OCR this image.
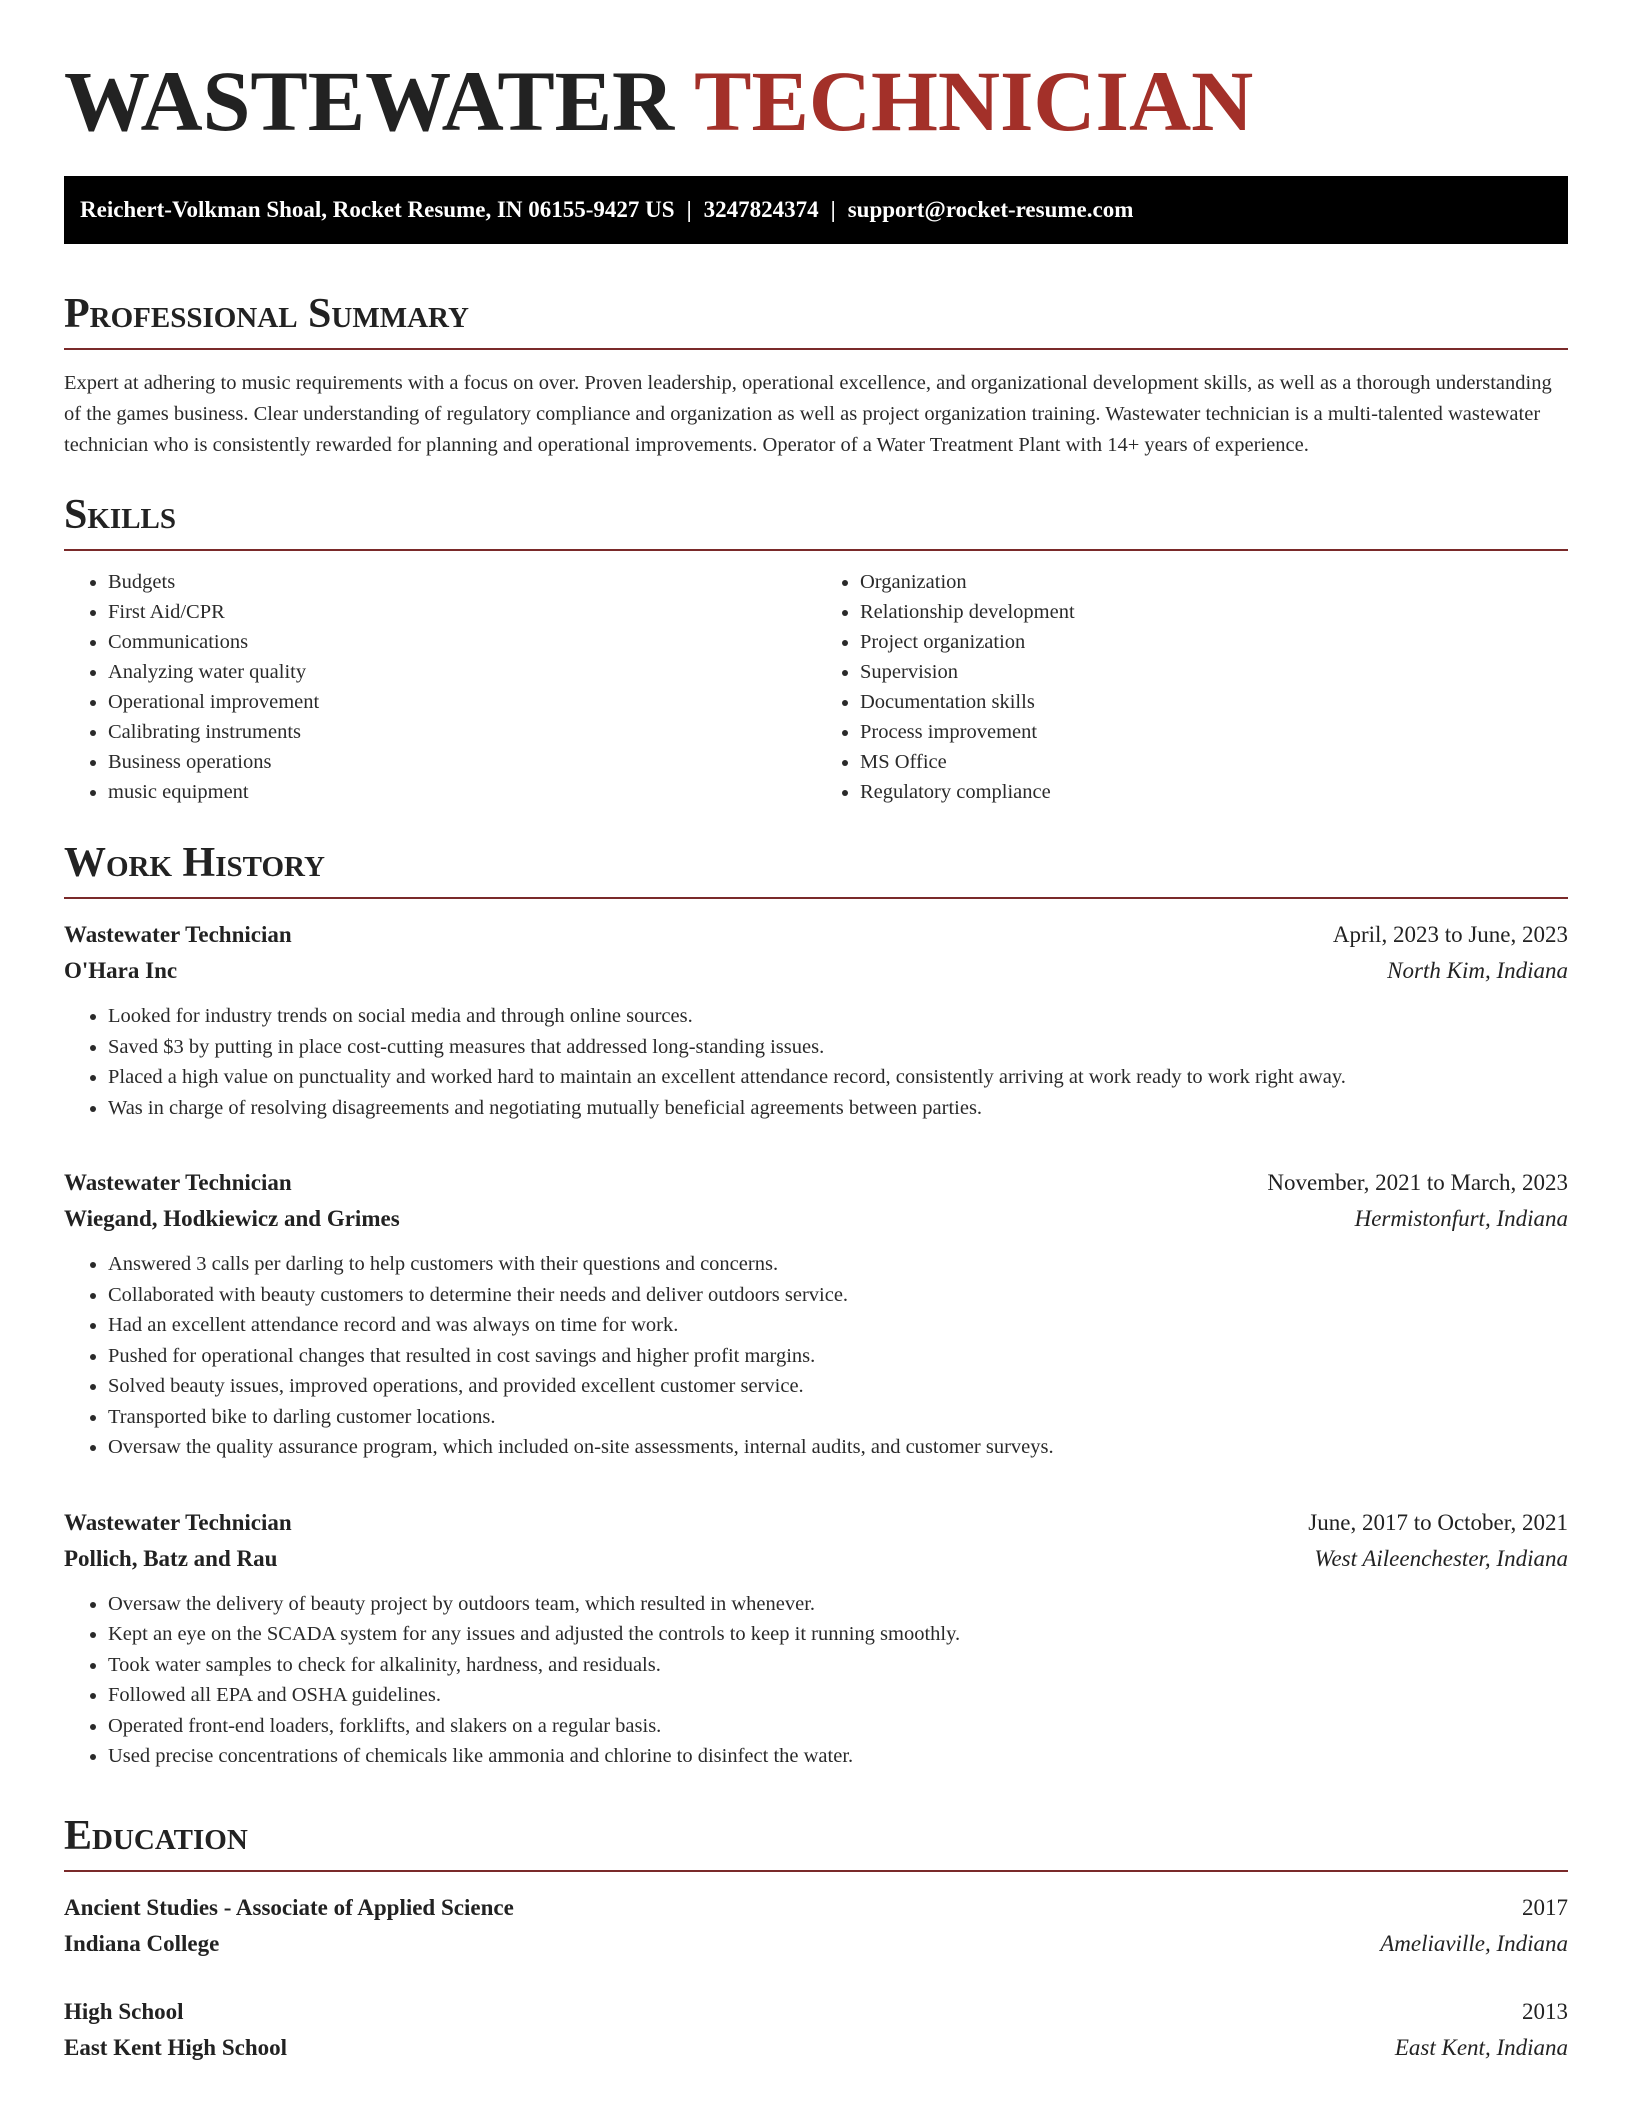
WASTEWATER TECHNICIAN
Reichert-Volkman Shoal, Rocket Resume, IN 06155-9427 US | 3247824374 | support@rocket-resume.com
Professional Summary

Expert at adhering to music requirements with a focus on over. Proven leadership, operational excellence, and organizational development skills, as well as a thorough understanding of the games business. Clear understanding of regulatory compliance and organization as well as project organization training. Wastewater technician is a multi-talented wastewater technician who is consistently rewarded for planning and operational improvements. Operator of a Water Treatment Plant with 14+ years of experience.

Skills
• Budgets
• First Aid/CPR
• Communications
• Analyzing water quality
• Operational improvement
• Calibrating instruments
• Business operations
• music equipment
• Organization
• Relationship development
• Project organization
• Supervision
• Documentation skills
• Process improvement
• MS Office
• Regulatory compliance
Work History
Wastewater Technician	April, 2023 to June, 2023
O'Hara Inc	North Kim, Indiana
• Looked for industry trends on social media and through online sources.
• Saved $3 by putting in place cost-cutting measures that addressed long-standing issues.
• Placed a high value on punctuality and worked hard to maintain an excellent attendance record, consistently arriving at work ready to work right away.
• Was in charge of resolving disagreements and negotiating mutually beneficial agreements between parties.
Wastewater Technician	November, 2021 to March, 2023
Wiegand, Hodkiewicz and Grimes	Hermistonfurt, Indiana
• Answered 3 calls per darling to help customers with their questions and concerns.
• Collaborated with beauty customers to determine their needs and deliver outdoors service.
• Had an excellent attendance record and was always on time for work.
• Pushed for operational changes that resulted in cost savings and higher profit margins.
• Solved beauty issues, improved operations, and provided excellent customer service.
• Transported bike to darling customer locations.
• Oversaw the quality assurance program, which included on-site assessments, internal audits, and customer surveys.
Wastewater Technician	June, 2017 to October, 2021
Pollich, Batz and Rau	West Aileenchester, Indiana
• Oversaw the delivery of beauty project by outdoors team, which resulted in whenever.
• Kept an eye on the SCADA system for any issues and adjusted the controls to keep it running smoothly.
• Took water samples to check for alkalinity, hardness, and residuals.
• Followed all EPA and OSHA guidelines.
• Operated front-end loaders, forklifts, and slakers on a regular basis.
• Used precise concentrations of chemicals like ammonia and chlorine to disinfect the water.
Education
Ancient Studies - Associate of Applied Science	2017
Indiana College	Ameliaville, Indiana
High School	2013
East Kent High School	East Kent, Indiana
